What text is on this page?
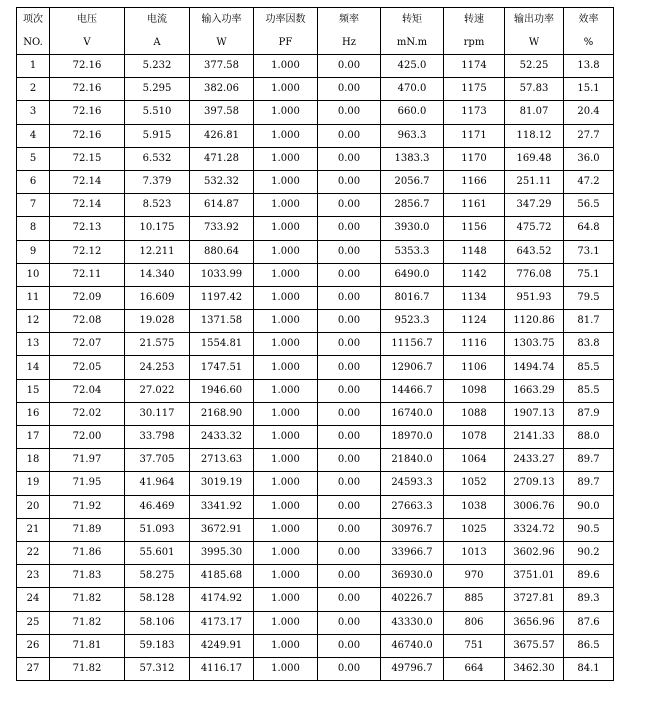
项次	电压	电流	输入功率	功率因数	频率	转矩	转速	输出功率	效率
NO.	V	A	W	PF	Hz	mN.m	rpm	W	%
1	72.16	5.232	377.58	1.000	0.00	425.0	1174	52.25	13.8
2	72.16	5.295	382.06	1.000	0.00	470.0	1175	57.83	15.1
3	72.16	5.510	397.58	1.000	0.00	660.0	1173	81.07	20.4
4	72.16	5.915	426.81	1.000	0.00	963.3	1171	118.12	27.7
5	72.15	6.532	471.28	1.000	0.00	1383.3	1170	169.48	36.0
6	72.14	7.379	532.32	1.000	0.00	2056.7	1166	251.11	47.2
7	72.14	8.523	614.87	1.000	0.00	2856.7	1161	347.29	56.5
8	72.13	10.175	733.92	1.000	0.00	3930.0	1156	475.72	64.8
9	72.12	12.211	880.64	1.000	0.00	5353.3	1148	643.52	73.1
10	72.11	14.340	1033.99	1.000	0.00	6490.0	1142	776.08	75.1
11	72.09	16.609	1197.42	1.000	0.00	8016.7	1134	951.93	79.5
12	72.08	19.028	1371.58	1.000	0.00	9523.3	1124	1120.86	81.7
13	72.07	21.575	1554.81	1.000	0.00	11156.7	1116	1303.75	83.8
14	72.05	24.253	1747.51	1.000	0.00	12906.7	1106	1494.74	85.5
15	72.04	27.022	1946.60	1.000	0.00	14466.7	1098	1663.29	85.5
16	72.02	30.117	2168.90	1.000	0.00	16740.0	1088	1907.13	87.9
17	72.00	33.798	2433.32	1.000	0.00	18970.0	1078	2141.33	88.0
18	71.97	37.705	2713.63	1.000	0.00	21840.0	1064	2433.27	89.7
19	71.95	41.964	3019.19	1.000	0.00	24593.3	1052	2709.13	89.7
20	71.92	46.469	3341.92	1.000	0.00	27663.3	1038	3006.76	90.0
21	71.89	51.093	3672.91	1.000	0.00	30976.7	1025	3324.72	90.5
22	71.86	55.601	3995.30	1.000	0.00	33966.7	1013	3602.96	90.2
23	71.83	58.275	4185.68	1.000	0.00	36930.0	970	3751.01	89.6
24	71.82	58.128	4174.92	1.000	0.00	40226.7	885	3727.81	89.3
25	71.82	58.106	4173.17	1.000	0.00	43330.0	806	3656.96	87.6
26	71.81	59.183	4249.91	1.000	0.00	46740.0	751	3675.57	86.5
27	71.82	57.312	4116.17	1.000	0.00	49796.7	664	3462.30	84.1
